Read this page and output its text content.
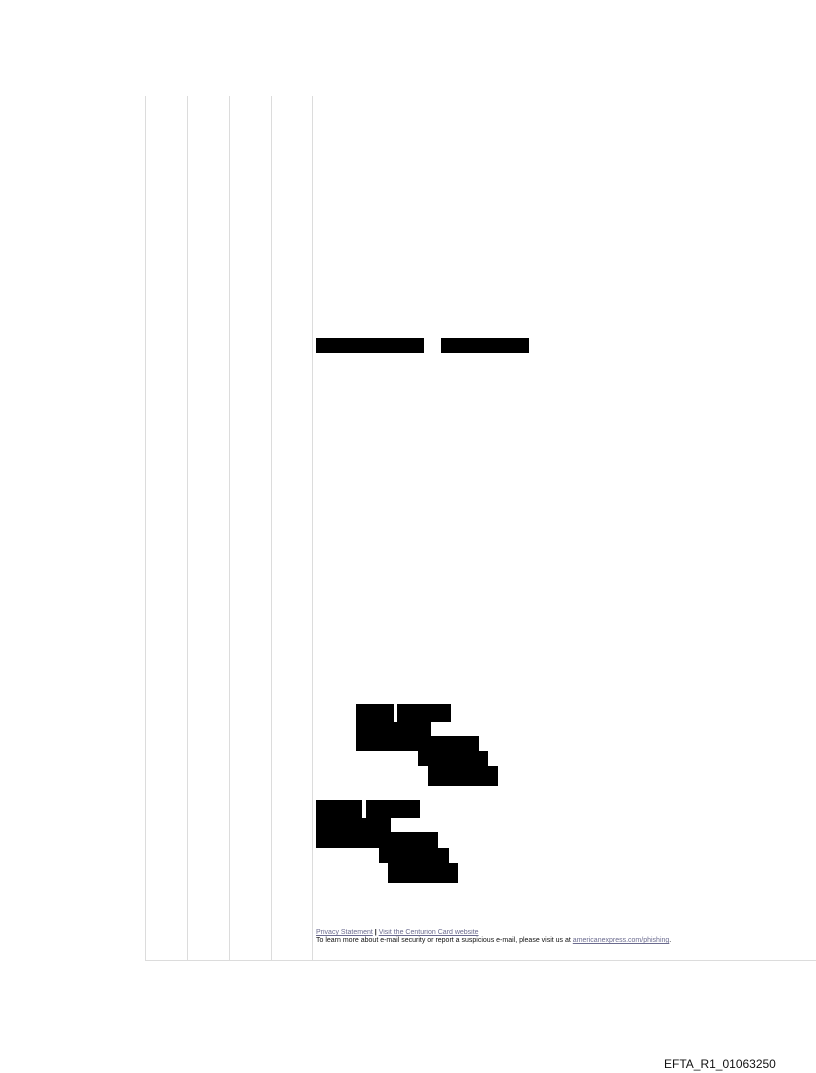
Privacy Statement | Visit the Centurion Card website
To learn more about e-mail security or report a suspicious e-mail, please visit us at americanexpress.com/phishing.
EFTA_R1_01063250
